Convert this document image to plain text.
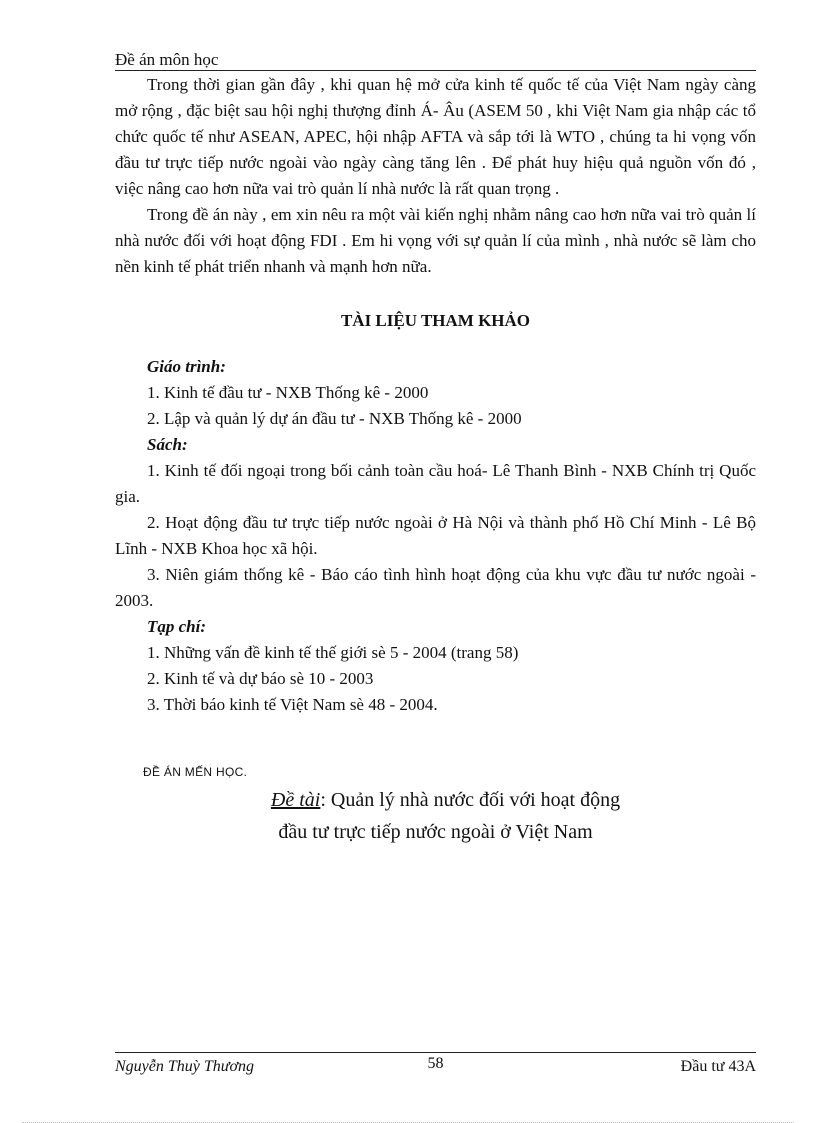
Đề án môn học

Trong thời gian gần đây , khi quan hệ mở cửa kinh tế quốc tế của Việt Nam ngày càng mở rộng , đặc biệt sau hội nghị thượng đỉnh Á- Âu (ASEM 50 , khi Việt Nam gia nhập các tổ chức quốc tế như ASEAN, APEC, hội nhập AFTA và sắp tới là WTO , chúng ta hi vọng vốn đầu tư trực tiếp nước ngoài vào ngày càng tăng lên . Để phát huy hiệu quả nguồn vốn đó , việc nâng cao hơn nữa vai trò quản lí nhà nước là rất quan trọng .

Trong đề án này , em xin nêu ra một vài kiến nghị nhằm nâng cao hơn nữa vai trò quản lí nhà nước đối với hoạt động FDI . Em hi vọng với sự quản lí của mình , nhà nước sẽ làm cho nền kinh tế phát triển nhanh và mạnh hơn nữa.

TÀI LIỆU THAM KHẢO

Giáo trình:

1. Kinh tế đầu tư - NXB Thống kê - 2000

2. Lập và quản lý dự án đầu tư - NXB Thống kê - 2000

Sách:

1. Kinh tế đối ngoại trong bối cảnh toàn cầu hoá- Lê Thanh Bình - NXB Chính trị Quốc gia.

2. Hoạt động đầu tư trực tiếp nước ngoài ở Hà Nội và thành phố Hồ Chí Minh - Lê Bộ Lĩnh - NXB Khoa học xã hội.

3. Niên giám thống kê - Báo cáo tình hình hoạt động của khu vực đầu tư nước ngoài - 2003.

Tạp chí:

1. Những vấn đề kinh tế thế giới sè 5 - 2004 (trang 58)

2. Kinh tế và dự báo sè 10 - 2003

3. Thời báo kinh tế Việt Nam sè 48 - 2004.

ĐỀ ÁN MẾN HỌC.
Đề tài: Quản lý nhà nước đối với hoạt động
đầu tư trực tiếp nước ngoài ở Việt Nam
Nguyễn Thuỳ Thương	58	Đầu tư 43A
